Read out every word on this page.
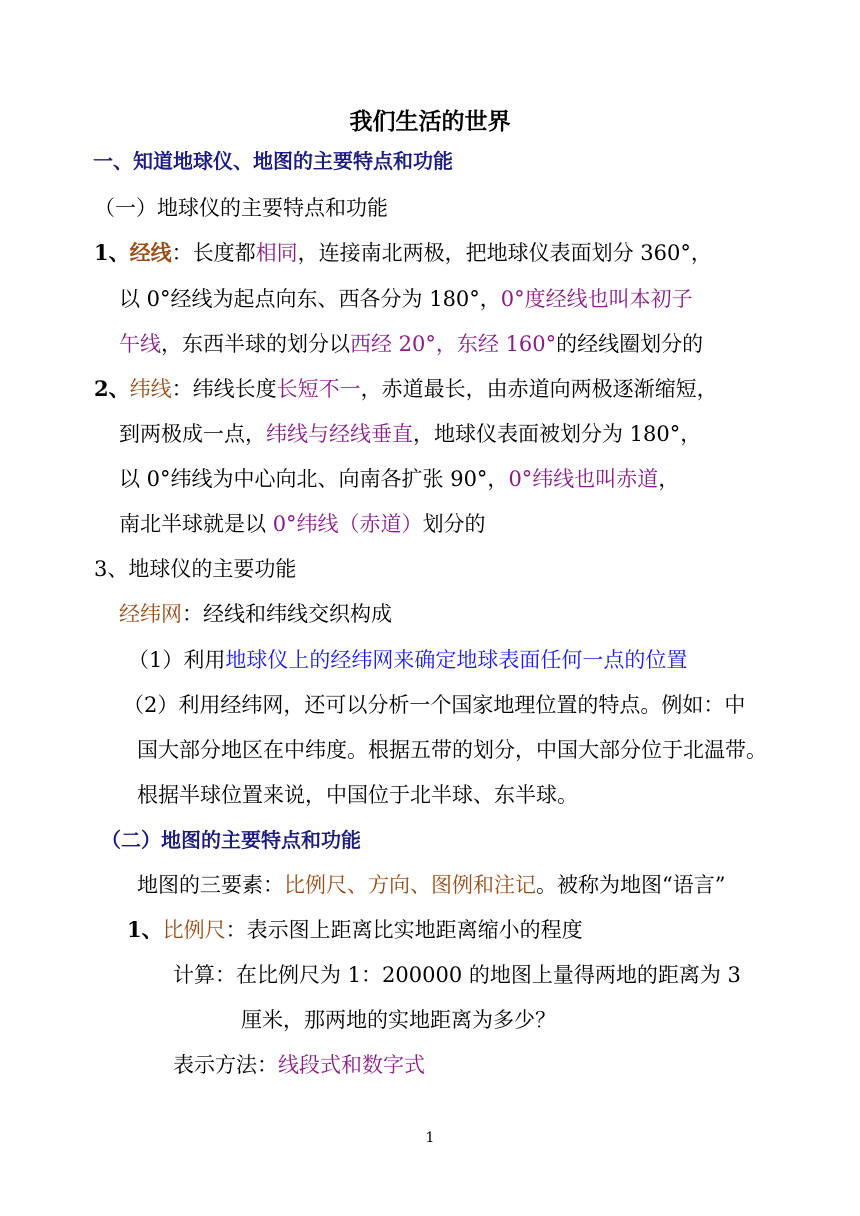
我们生活的世界
一、知道地球仪、地图的主要特点和功能
（一）地球仪的主要特点和功能
1、经线：长度都相同，连接南北两极，把地球仪表面划分 360°，
以 0°经线为起点向东、西各分为 180°，0°度经线也叫本初子
午线，东西半球的划分以西经 20°，东经 160°的经线圈划分的
2、纬线：纬线长度长短不一，赤道最长，由赤道向两极逐渐缩短，
到两极成一点，纬线与经线垂直，地球仪表面被划分为 180°，
以 0°纬线为中心向北、向南各扩张 90°，0°纬线也叫赤道，
南北半球就是以 0°纬线（赤道）划分的
3、地球仪的主要功能
经纬网：经线和纬线交织构成
（1）利用地球仪上的经纬网来确定地球表面任何一点的位置
（2）利用经纬网，还可以分析一个国家地理位置的特点。例如：中
国大部分地区在中纬度。根据五带的划分，中国大部分位于北温带。
根据半球位置来说，中国位于北半球、东半球。
（二）地图的主要特点和功能
地图的三要素：比例尺、方向、图例和注记。被称为地图“语言”
1、比例尺：表示图上距离比实地距离缩小的程度
计算：在比例尺为 1：200000 的地图上量得两地的距离为 3
厘米，那两地的实地距离为多少？
表示方法：线段式和数字式
1
